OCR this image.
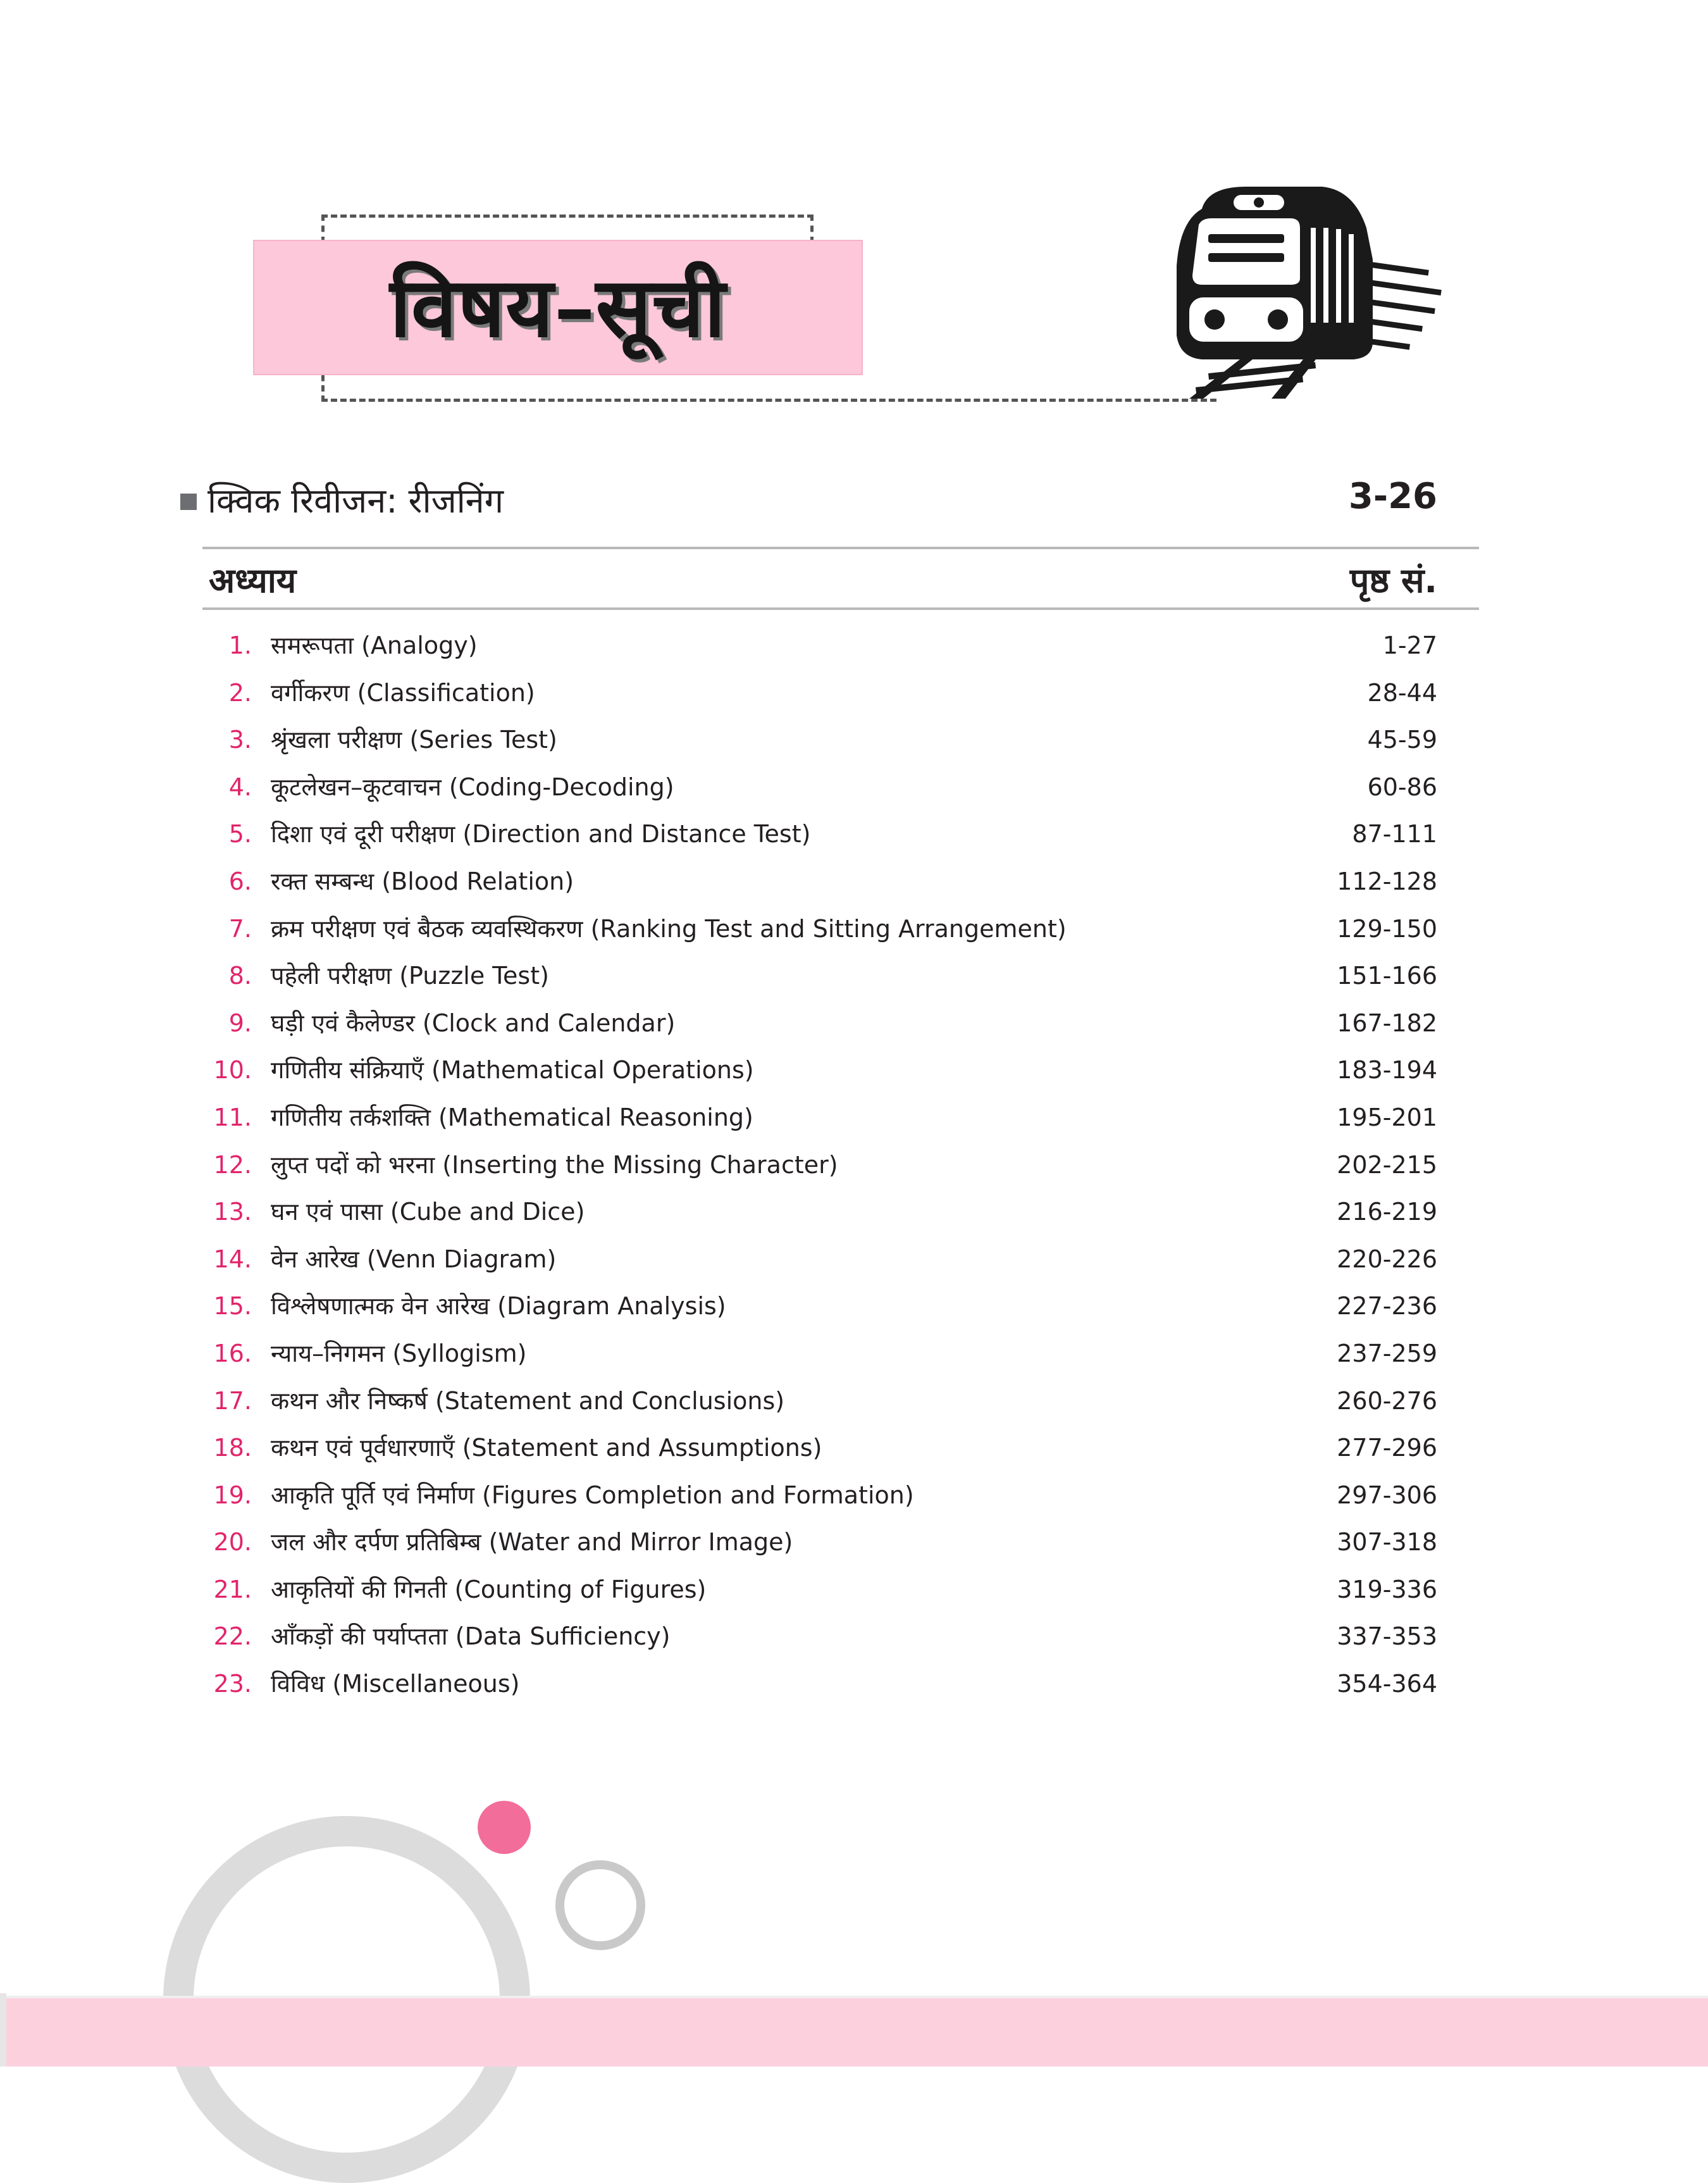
विषय–सूची
क्विक रिवीजन: रीजनिंग	3-26
अध्याय	पृष्ठ सं.
1. समरूपता (Analogy)	1-27
2. वर्गीकरण (Classification)	28-44
3. श्रृंखला परीक्षण (Series Test)	45-59
4. कूटलेखन–कूटवाचन (Coding-Decoding)	60-86
5. दिशा एवं दूरी परीक्षण (Direction and Distance Test)	87-111
6. रक्त सम्बन्ध (Blood Relation)	112-128
7. क्रम परीक्षण एवं बैठक व्यवस्थिकरण (Ranking Test and Sitting Arrangement)	129-150
8. पहेली परीक्षण (Puzzle Test)	151-166
9. घड़ी एवं कैलेण्डर (Clock and Calendar)	167-182
10. गणितीय संक्रियाएँ (Mathematical Operations)	183-194
11. गणितीय तर्कशक्ति (Mathematical Reasoning)	195-201
12. लुप्त पदों को भरना (Inserting the Missing Character)	202-215
13. घन एवं पासा (Cube and Dice)	216-219
14. वेन आरेख (Venn Diagram)	220-226
15. विश्लेषणात्मक वेन आरेख (Diagram Analysis)	227-236
16. न्याय–निगमन (Syllogism)	237-259
17. कथन और निष्कर्ष (Statement and Conclusions)	260-276
18. कथन एवं पूर्वधारणाएँ (Statement and Assumptions)	277-296
19. आकृति पूर्ति एवं निर्माण (Figures Completion and Formation)	297-306
20. जल और दर्पण प्रतिबिम्ब (Water and Mirror Image)	307-318
21. आकृतियों की गिनती (Counting of Figures)	319-336
22. आँकड़ों की पर्याप्तता (Data Sufficiency)	337-353
23. विविध (Miscellaneous)	354-364
